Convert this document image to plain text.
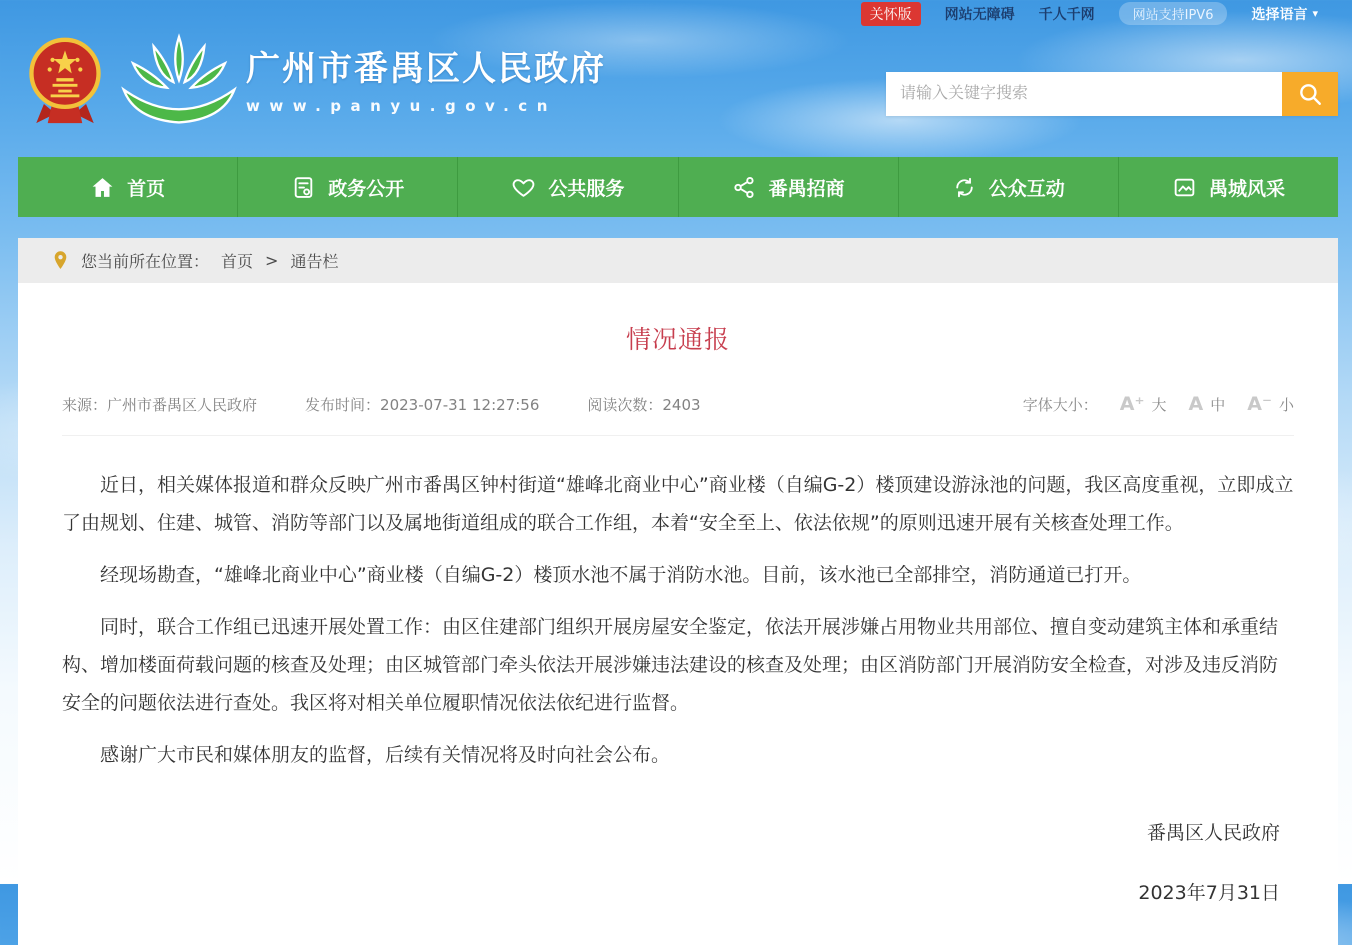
关怀版	网站无障碍 千人千网	网站支持IPV6	选择语言 ▾
广州市番禺区人民政府
www.panyu.gov.cn
请输入关键字搜索
首页	政务公开	公共服务	番禺招商	公众互动	禺城风采
您当前所在位置： 首页 > 通告栏
情况通报
来源：广州市番禺区人民政府	发布时间：2023-07-31 12:27:56	阅读次数：2403	字体大小： A⁺ 大 A 中 A⁻ 小

近日，相关媒体报道和群众反映广州市番禺区钟村街道“雄峰北商业中心”商业楼（自编G-2）楼顶建设游泳池的问题，我区高度重视，立即成立了由规划、住建、城管、消防等部门以及属地街道组成的联合工作组，本着“安全至上、依法依规”的原则迅速开展有关核查处理工作。

经现场勘查，“雄峰北商业中心”商业楼（自编G-2）楼顶水池不属于消防水池。目前，该水池已全部排空，消防通道已打开。

同时，联合工作组已迅速开展处置工作：由区住建部门组织开展房屋安全鉴定，依法开展涉嫌占用物业共用部位、擅自变动建筑主体和承重结构、增加楼面荷载问题的核查及处理；由区城管部门牵头依法开展涉嫌违法建设的核查及处理；由区消防部门开展消防安全检查，对涉及违反消防安全的问题依法进行查处。我区将对相关单位履职情况依法依纪进行监督。

感谢广大市民和媒体朋友的监督，后续有关情况将及时向社会公布。

番禺区人民政府
2023年7月31日
